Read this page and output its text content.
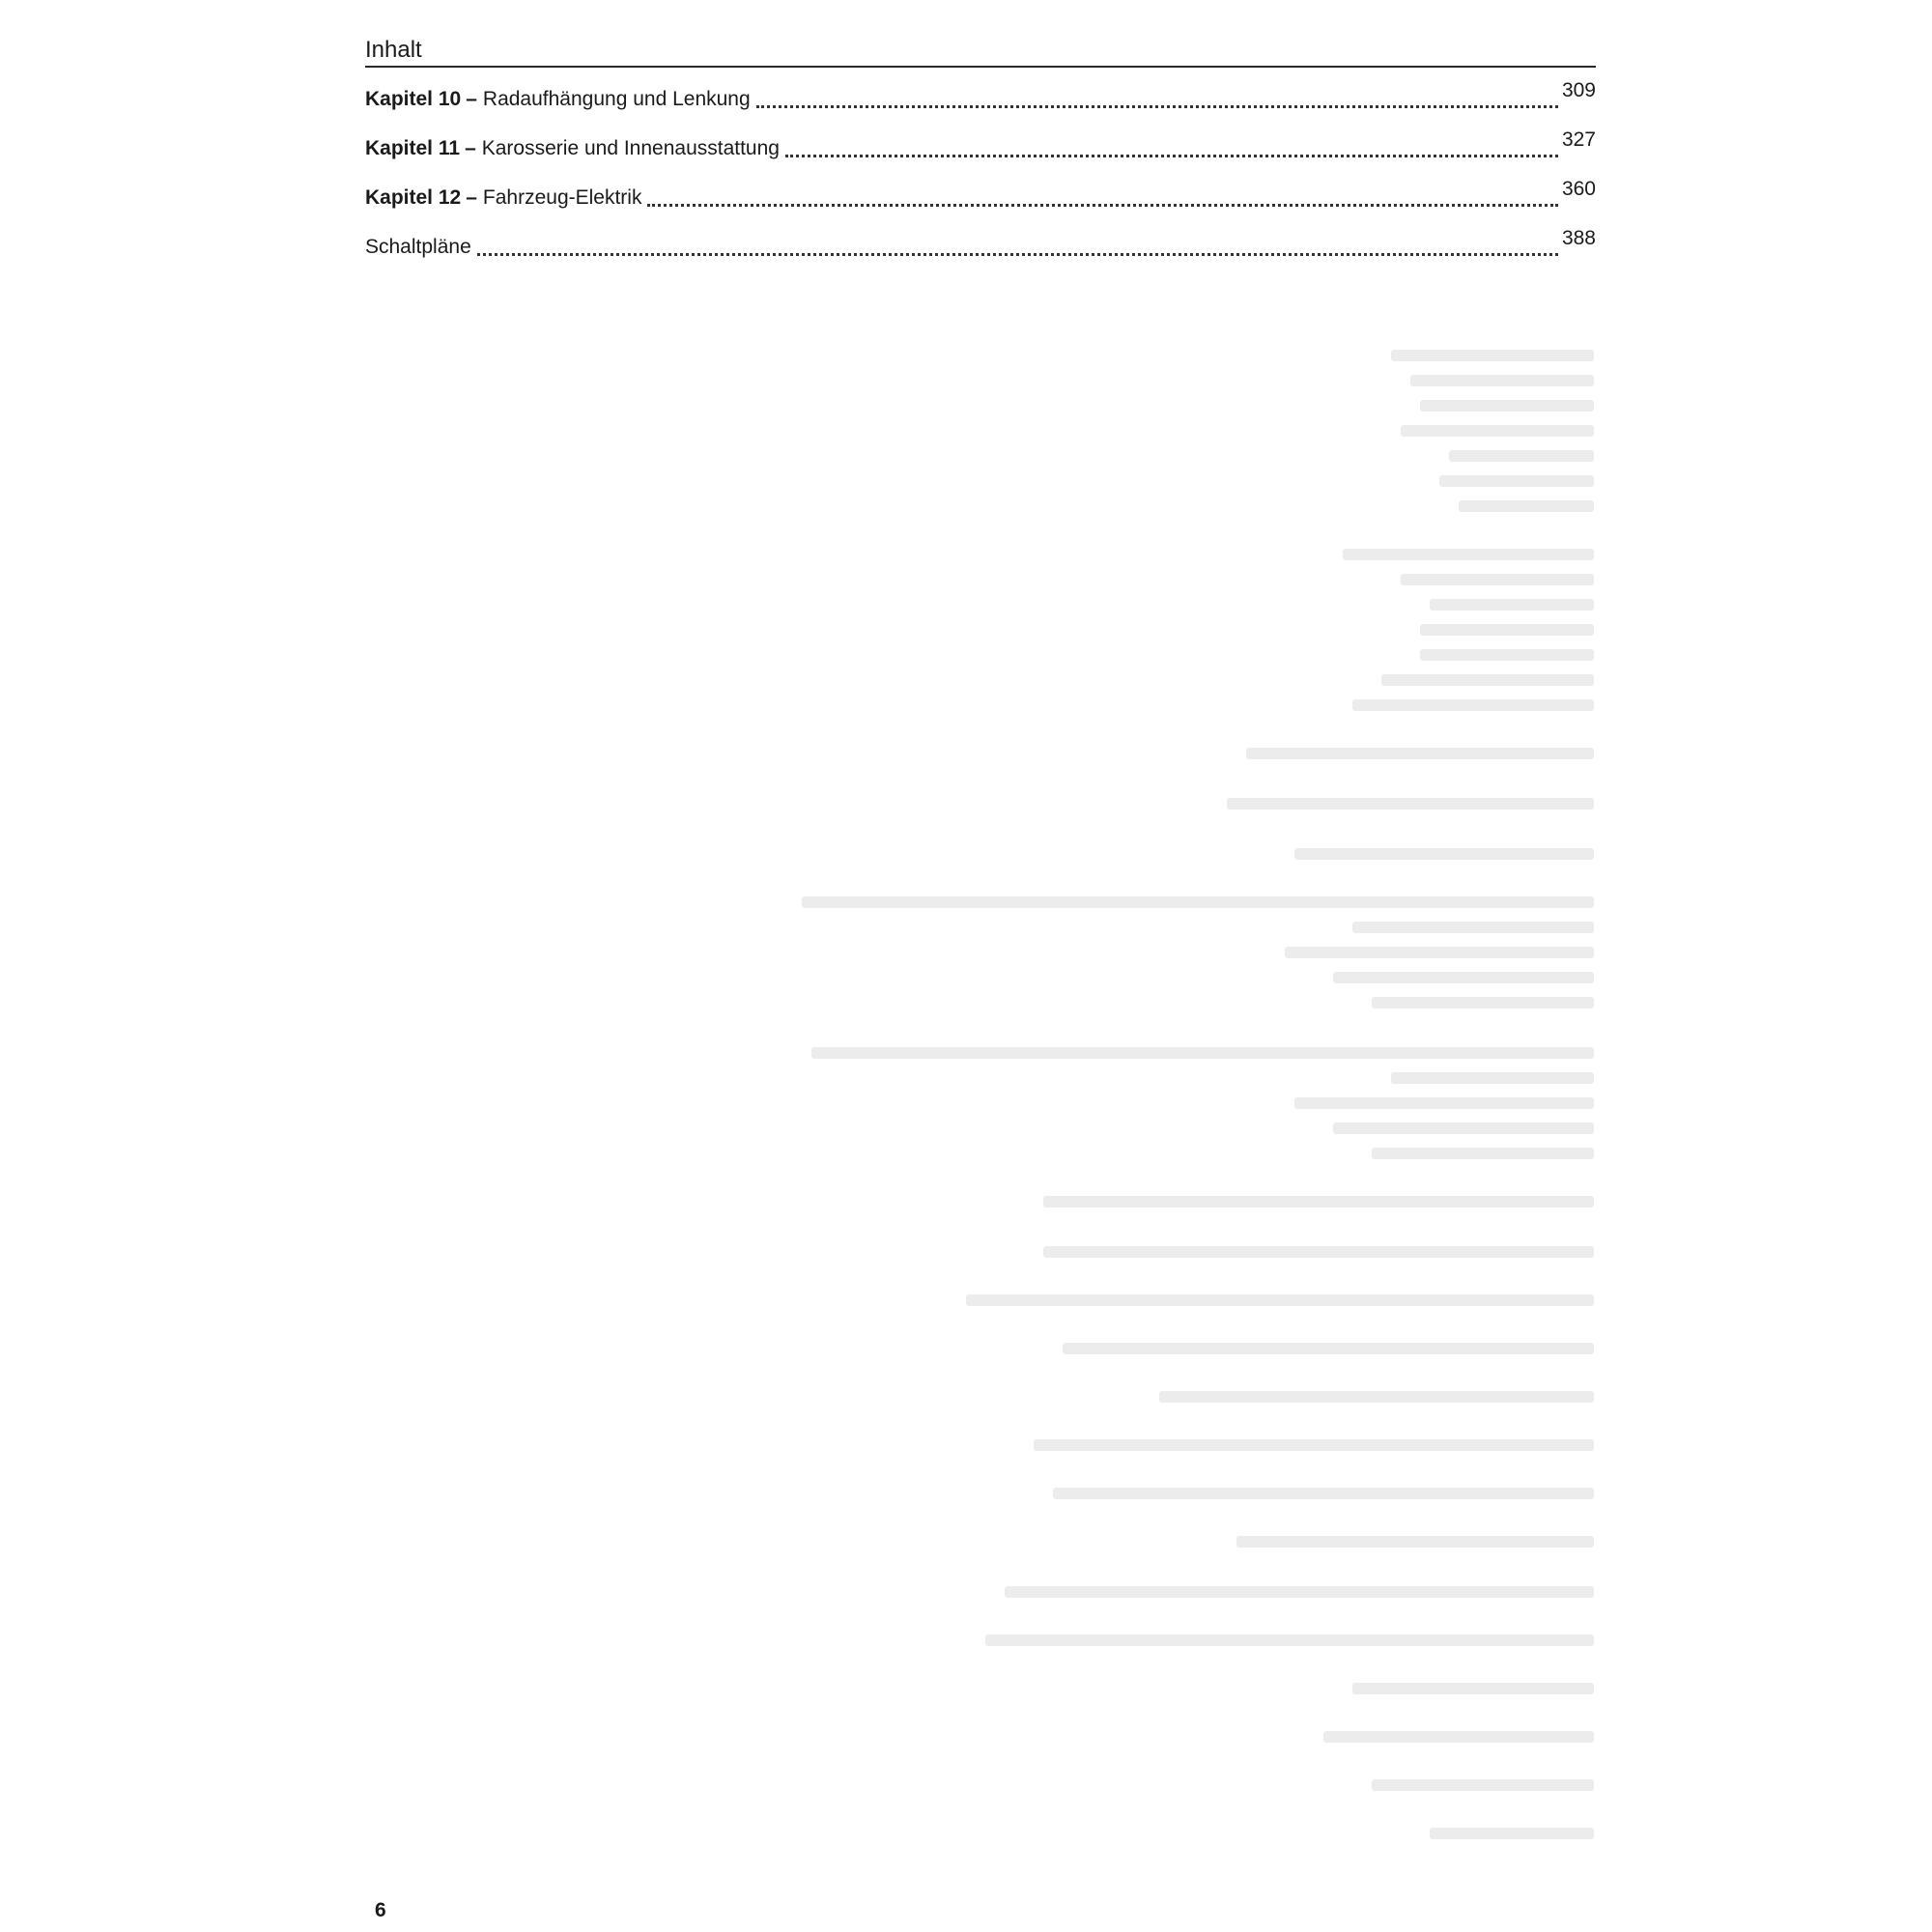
Inhalt
Kapitel 10 – Radaufhängung und Lenkung	309
Kapitel 11 – Karosserie und Innenausstattung	327
Kapitel 12 – Fahrzeug-Elektrik	360
Schaltpläne	388
6
